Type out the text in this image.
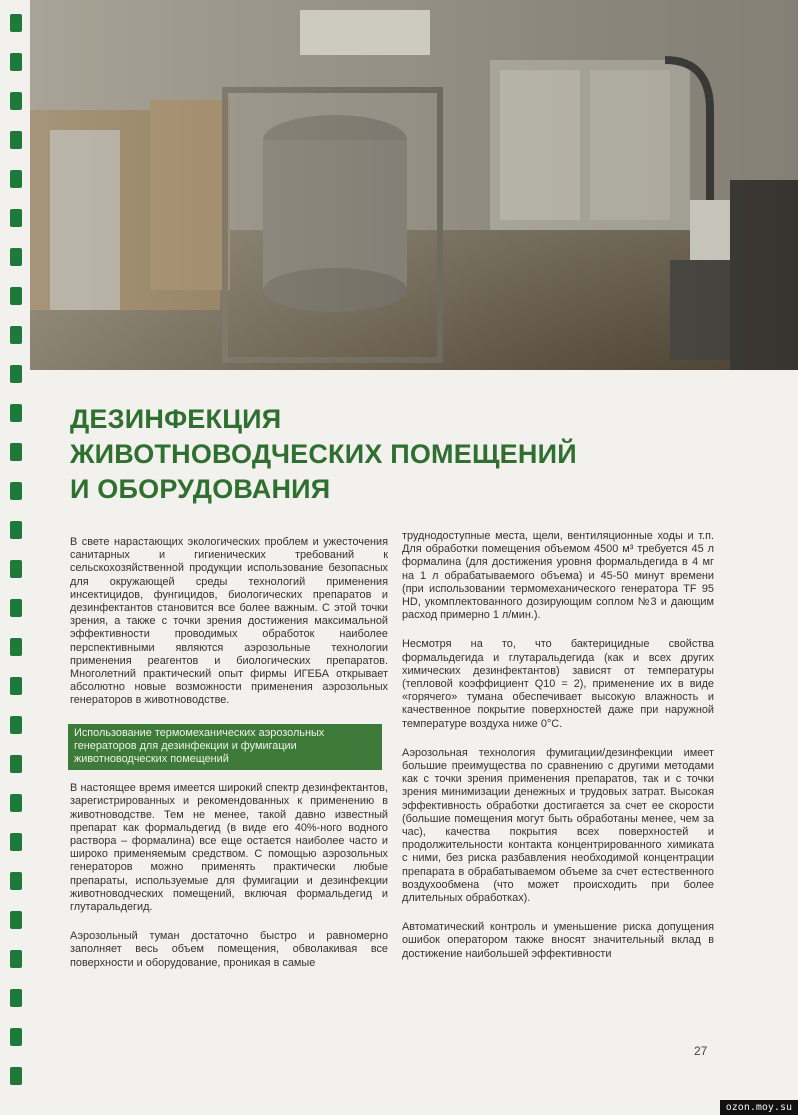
ДЕЗИНФЕКЦИЯ
ЖИВОТНОВОДЧЕСКИХ ПОМЕЩЕНИЙ
И ОБОРУДОВАНИЯ

В свете нарастающих экологических проблем и ужесточения санитарных и гигиенических требований к сельскохозяйственной продукции использование безопасных для окружающей среды технологий применения инсектицидов, фунгицидов, биологических препаратов и дезинфектантов становится все более важным. С этой точки зрения, а также с точки зрения достижения максимальной эффективности проводимых обработок наиболее перспективными являются аэрозольные технологии применения реагентов и биологических препаратов. Многолетний практический опыт фирмы ИГЕБА открывает абсолютно новые возможности применения аэрозольных генераторов в животноводстве.

Использование термомеханических аэрозольных генераторов для дезинфекции и фумигации животноводческих помещений

В настоящее время имеется широкий спектр дезинфектантов, зарегистрированных и рекомендованных к применению в животноводстве. Тем не менее, такой давно известный препарат как формальдегид (в виде его 40%-ного водного раствора – формалина) все еще остается наиболее часто и широко применяемым средством. С помощью аэрозольных генераторов можно применять практически любые препараты, используемые для фумигации и дезинфекции животноводческих помещений, включая формальдегид и глутаральдегид.

Аэрозольный туман достаточно быстро и равномерно заполняет весь объем помещения, обволакивая все поверхности и оборудование, проникая в самые

труднодоступные места, щели, вентиляционные ходы и т.п. Для обработки помещения объемом 4500 м³ требуется 45 л формалина (для достижения уровня формальдегида в 4 мг на 1 л обрабатываемого объема) и 45-50 минут времени (при использовании термомеханического генератора TF 95 HD, укомплектованного дозирующим соплом №3 и дающим расход примерно 1 л/мин.).

Несмотря на то, что бактерицидные свойства формальдегида и глутаральдегида (как и всех других химических дезинфектантов) зависят от температуры (тепловой коэффициент Q10 = 2), применение их в виде «горячего» тумана обеспечивает высокую влажность и качественное покрытие поверхностей даже при наружной температуре воздуха ниже 0°С.

Аэрозольная технология фумигации/дезинфекции имеет большие преимущества по сравнению с другими методами как с точки зрения применения препаратов, так и с точки зрения минимизации денежных и трудовых затрат. Высокая эффективность обработки достигается за счет ее скорости (большие помещения могут быть обработаны менее, чем за час), качества покрытия всех поверхностей и продолжительности контакта концентрированного химиката с ними, без риска разбавления необходимой концентрации препарата в обрабатываемом объеме за счет естественного воздухообмена (что может происходить при более длительных обработках).

Автоматический контроль и уменьшение риска допущения ошибок оператором также вносят значительный вклад в достижение наибольшей эффективности

27
ozon.moy.su
